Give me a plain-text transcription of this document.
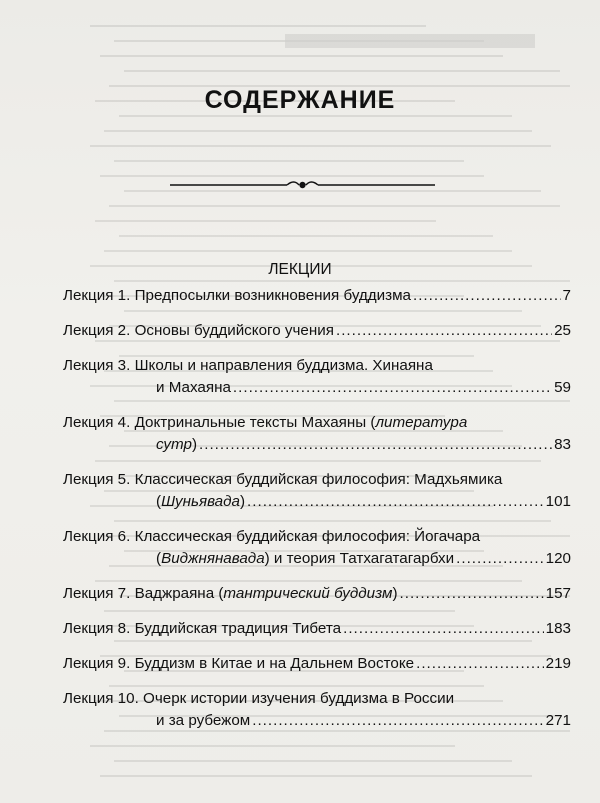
СОДЕРЖАНИЕ
ЛЕКЦИИ
Лекция 1. Предпосылки возникновения буддизма .....	7
Лекция 2. Основы буддийского учения .....	25
Лекция 3. Школы и направления буддизма. Хинаяна
и Махаяна .....	59
Лекция 4. Доктринальные тексты Махаяны (литература
сутр) .....	83
Лекция 5. Классическая буддийская философия: Мадхьямика
(Шуньявада) .....	101
Лекция 6. Классическая буддийская философия: Йогачара
(Виджнянавада) и теория Татхагатагарбхи .....	120
Лекция 7. Ваджраяна (тантрический буддизм) .....	157
Лекция 8. Буддийская традиция Тибета .....	183
Лекция 9. Буддизм в Китае и на Дальнем Востоке .....	219
Лекция 10. Очерк истории изучения буддизма в России
и за рубежом .....	271
